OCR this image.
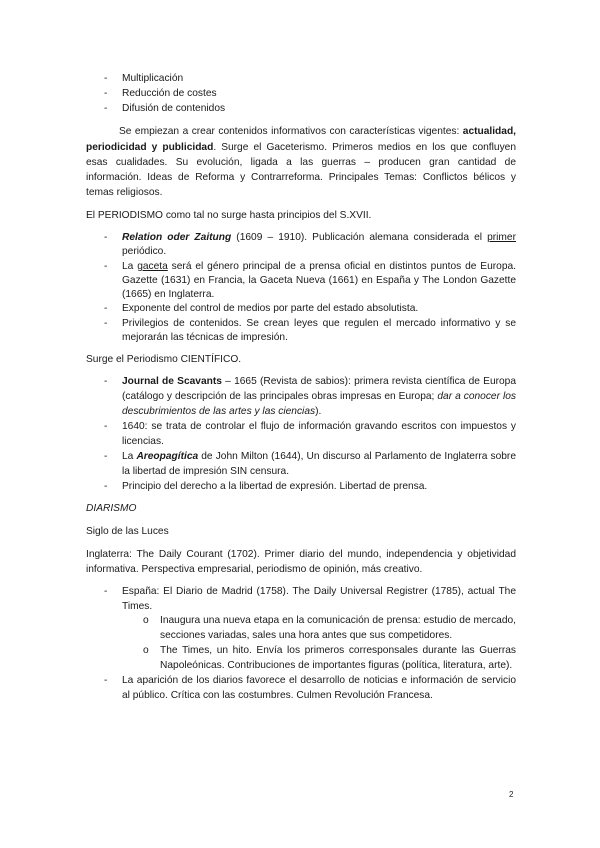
- Multiplicación
- Reducción de costes
- Difusión de contenidos
Se empiezan a crear contenidos informativos con características vigentes: actualidad,
periodicidad y publicidad. Surge el Gaceterismo. Primeros medios en los que confluyen
esas cualidades. Su evolución, ligada a las guerras – producen gran cantidad de
información. Ideas de Reforma y Contrarreforma. Principales Temas: Conflictos bélicos y
temas religiosos.
El PERIODISMO como tal no surge hasta principios del S.XVII.
- Relation oder Zaitung (1609 – 1910). Publicación alemana considerada el primer
periódico.
- La gaceta será el género principal de a prensa oficial en distintos puntos de Europa.
Gazette (1631) en Francia, la Gaceta Nueva (1661) en España y The London Gazette
(1665) en Inglaterra.
- Exponente del control de medios por parte del estado absolutista.
- Privilegios de contenidos. Se crean leyes que regulen el mercado informativo y se
mejorarán las técnicas de impresión.
Surge el Periodismo CIENTÍFICO.
- Journal de Scavants – 1665 (Revista de sabios): primera revista científica de Europa
(catálogo y descripción de las principales obras impresas en Europa; dar a conocer los
descubrimientos de las artes y las ciencias).
- 1640: se trata de controlar el flujo de información gravando escritos con impuestos y
licencias.
- La Areopagítica de John Milton (1644), Un discurso al Parlamento de Inglaterra sobre
la libertad de impresión SIN censura.
- Principio del derecho a la libertad de expresión. Libertad de prensa.
DIARISMO
Siglo de las Luces
Inglaterra: The Daily Courant (1702). Primer diario del mundo, independencia y objetividad
informativa. Perspectiva empresarial, periodismo de opinión, más creativo.
- España: El Diario de Madrid (1758). The Daily Universal Registrer (1785), actual The
Times.
o Inaugura una nueva etapa en la comunicación de prensa: estudio de mercado,
secciones variadas, sales una hora antes que sus competidores.
o The Times, un hito. Envía los primeros corresponsales durante las Guerras
Napoleónicas. Contribuciones de importantes figuras (política, literatura, arte).
- La aparición de los diarios favorece el desarrollo de noticias e información de servicio
al público. Crítica con las costumbres. Culmen Revolución Francesa.
2
